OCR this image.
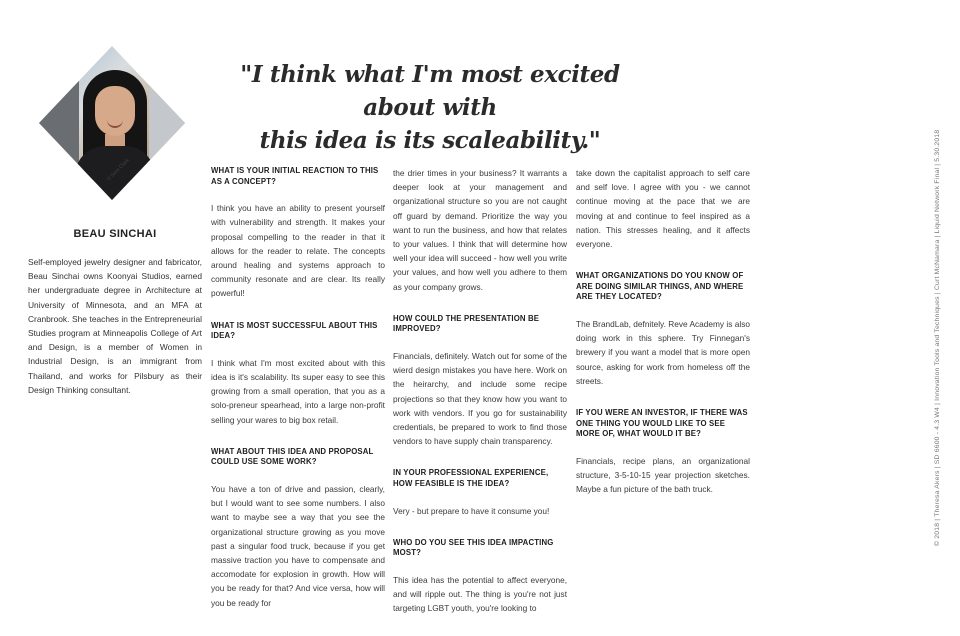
© Sara Clark
BEAU SINCHAI
Self-employed jewelry designer and fabricator, Beau Sinchai owns Koonyai Studios, earned her undergraduate degree in Architecture at University of Minnesota, and an MFA at Cranbrook. She teaches in the Entrepreneurial Studies program at Minneapolis College of Art and Design, is a member of Women in Industrial Design, is an immigrant from Thailand, and works for Pilsbury as their Design Thinking consultant.
"I think what I'm most excited about with
this idea is its scaleability."
WHAT IS YOUR INITIAL REACTION TO THIS AS A CONCEPT?
I think you have an ability to present yourself with vulnerability and strength. It makes your proposal compelling to the reader in that it allows for the reader to relate. The concepts around healing and systems approach to community resonate and are clear. Its really powerful!
WHAT IS MOST SUCCESSFUL ABOUT THIS IDEA?
I think what I'm most excited about with this idea is it's scalability. Its super easy to see this growing from a small operation, that you as a solo-preneur spearhead, into a large non-profit selling your wares to big box retail.
WHAT ABOUT THIS IDEA AND PROPOSAL COULD USE SOME WORK?
You have a ton of drive and passion, clearly, but I would want to see some numbers. I also want to maybe see a way that you see the organizational structure growing as you move past a singular food truck, because if you get massive traction you have to compensate and accomodate for explosion in growth. How will you be ready for that? And vice versa, how will you be ready for
the drier times in your business? It warrants a deeper look at your management and organizational structure so you are not caught off guard by demand. Prioritize the way you want to run the business, and how that relates to your values. I think that will determine how well your idea will succeed - how well you write your values, and how well you adhere to them as your company grows.
HOW COULD THE PRESENTATION BE IMPROVED?
Financials, definitely. Watch out for some of the wierd design mistakes you have here. Work on the heirarchy, and include some recipe projections so that they know how you want to work with vendors. If you go for sustainability credentials, be prepared to work to find those vendors to have supply chain transparency.
IN YOUR PROFESSIONAL EXPERIENCE, HOW FEASIBLE IS THE IDEA?
Very - but prepare to have it consume you!
WHO DO YOU SEE THIS IDEA IMPACTING MOST?
This idea has the potential to affect everyone, and will ripple out. The thing is you're not just targeting LGBT youth, you're looking to
take down the capitalist approach to self care and self love. I agree with you - we cannot continue moving at the pace that we are moving at and continue to feel inspired as a nation. This stresses healing, and it affects everyone.
WHAT ORGANIZATIONS DO YOU KNOW OF ARE DOING SIMILAR THINGS, AND WHERE ARE THEY LOCATED?
The BrandLab, defnitely. Reve Academy is also doing work in this sphere. Try Finnegan's brewery if you want a model that is more open source, asking for work from homeless off the streets.
IF YOU WERE AN INVESTOR, IF THERE WAS ONE THING YOU WOULD LIKE TO SEE MORE OF, WHAT WOULD IT BE?
Financials, recipe plans, an organizational structure, 3-5-10-15 year projection sketches. Maybe a fun picture of the bath truck.	© 2018 | Theresa Akers | SD 6600 - 4.3 W4 | Innovation Tools and Techniques | Curt McNamara | Liquid Network Final | 5.30.2018
